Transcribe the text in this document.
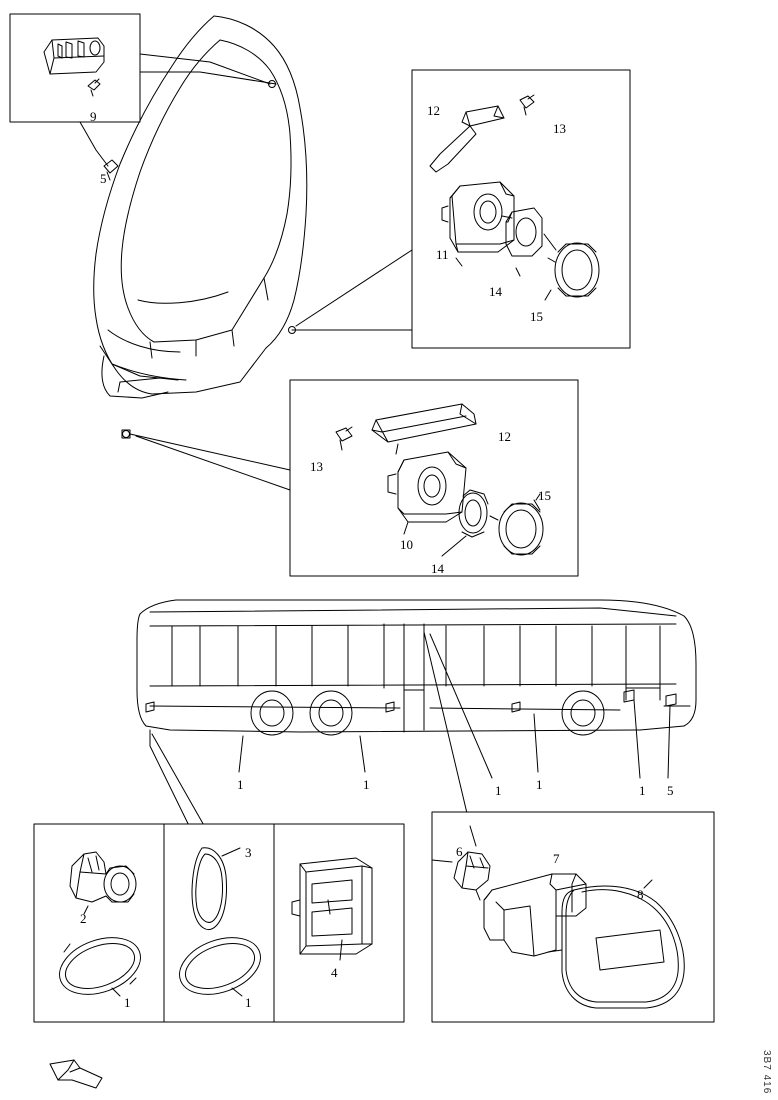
9
5
12
13
11
14
15
12
13
10
14
15
1	1	1	1	1 5
2
1
3
1
4
6	7
8
3B7 416
